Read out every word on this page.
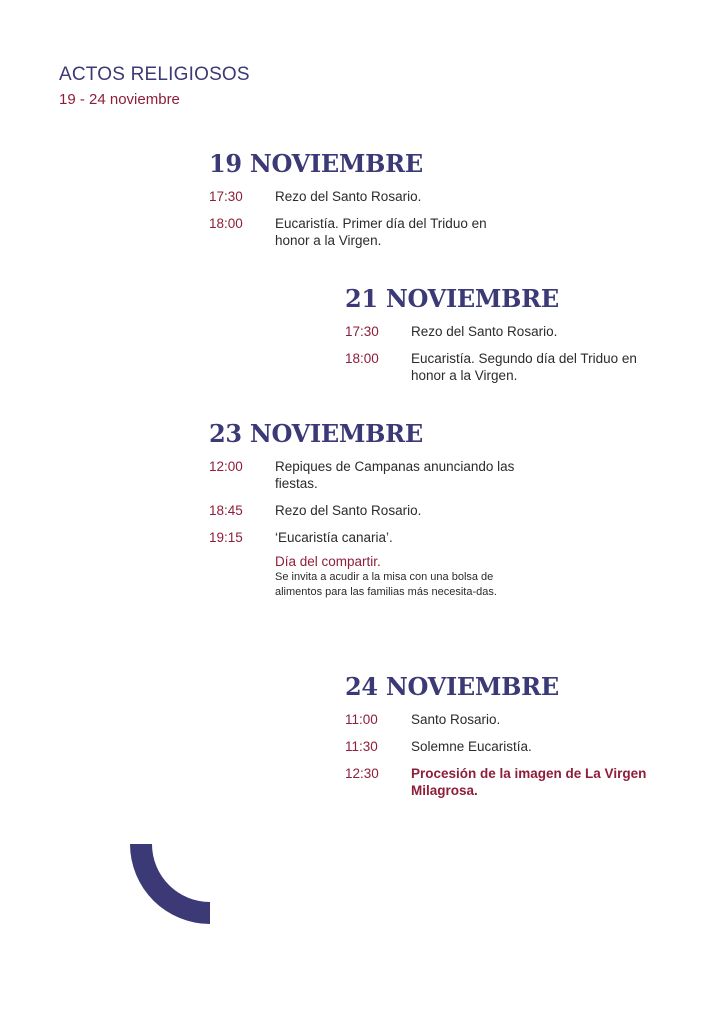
ACTOS RELIGIOSOS
19 - 24 noviembre
19 NOVIEMBRE
17:30	Rezo del Santo Rosario.
18:00	Eucaristía. Primer día del Triduo en honor a la Virgen.
21 NOVIEMBRE
17:30	Rezo del Santo Rosario.
18:00	Eucaristía. Segundo día del Triduo en honor a la Virgen.
23 NOVIEMBRE
12:00	Repiques de Campanas anunciando las fiestas.
18:45	Rezo del Santo Rosario.
19:15	‘Eucaristía canaria’.
Día del compartir.
Se invita a acudir a la misa con una bolsa de alimentos para las familias más necesita-das.
24 NOVIEMBRE
11:00	Santo Rosario.
11:30	Solemne Eucaristía.
12:30	Procesión de la imagen de La Virgen Milagrosa.
